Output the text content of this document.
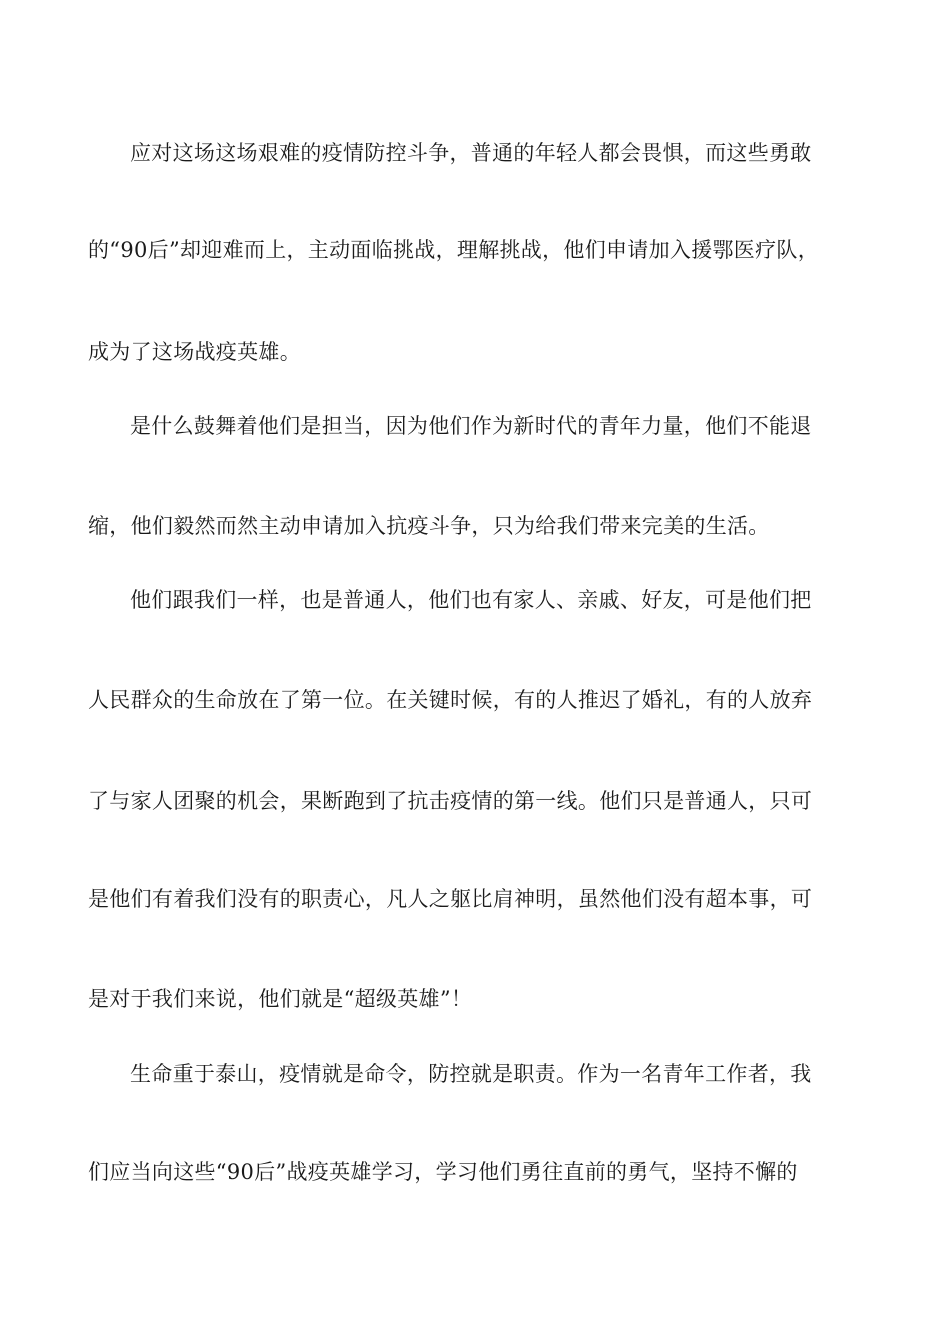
应对这场这场艰难的疫情防控斗争，普通的年轻人都会畏惧，而这些勇敢
的“90后”却迎难而上，主动面临挑战，理解挑战，他们申请加入援鄂医疗队，
成为了这场战疫英雄。
是什么鼓舞着他们是担当，因为他们作为新时代的青年力量，他们不能退
缩，他们毅然而然主动申请加入抗疫斗争，只为给我们带来完美的生活。
他们跟我们一样，也是普通人，他们也有家人、亲戚、好友，可是他们把
人民群众的生命放在了第一位。在关键时候，有的人推迟了婚礼，有的人放弃
了与家人团聚的机会，果断跑到了抗击疫情的第一线。他们只是普通人，只可
是他们有着我们没有的职责心，凡人之躯比肩神明，虽然他们没有超本事，可
是对于我们来说，他们就是“超级英雄”！
生命重于泰山，疫情就是命令，防控就是职责。作为一名青年工作者，我
们应当向这些“90后”战疫英雄学习，学习他们勇往直前的勇气，坚持不懈的
